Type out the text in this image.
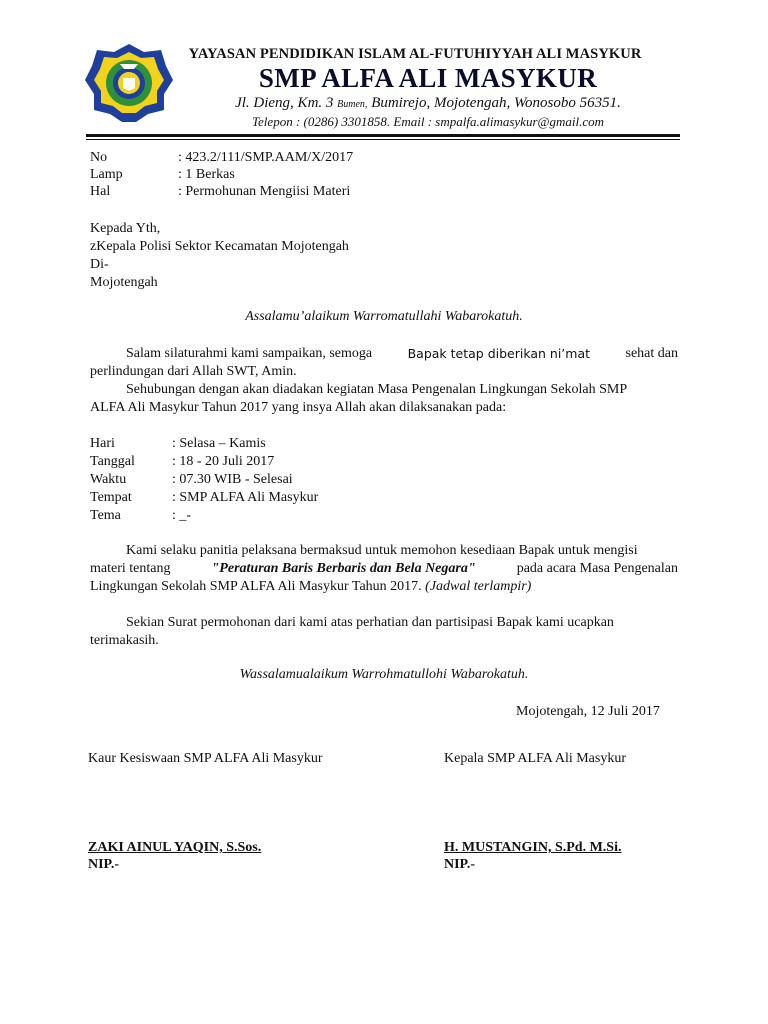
YAYASAN PENDIDIKAN ISLAM AL-FUTUHIYYAH ALI MASYKUR
SMP ALFA ALI MASYKUR
Jl. Dieng, Km. 3 Bumen, Bumirejo, Mojotengah, Wonosobo 56351.
Telepon : (0286) 3301858. Email : smpalfa.alimasykur@gmail.com
No	: 423.2/111/SMP.AAM/X/2017
Lamp	: 1 Berkas
Hal	: Permohunan Mengiisi Materi
Kepada Yth,
zKepala Polisi Sektor Kecamatan Mojotengah
Di-
Mojotengah
Assalamu’alaikum Warromatullahi Wabarokatuh.
Salam silaturahmi kami sampaikan, semoga	Bapak tetap diberikan ni’mat	sehat dan
perlindungan dari Allah SWT, Amin.
Sehubungan dengan akan diadakan kegiatan Masa Pengenalan Lingkungan Sekolah SMP
ALFA Ali Masykur Tahun 2017 yang insya Allah akan dilaksanakan pada:
Hari	: Selasa – Kamis
Tanggal	: 18 - 20 Juli 2017
Waktu	: 07.30 WIB - Selesai
Tempat	: SMP ALFA Ali Masykur
Tema	: _-
Kami selaku panitia pelaksana bermaksud untuk memohon kesediaan Bapak untuk mengisi
materi tentang	"Peraturan Baris Berbaris dan Bela Negara"	pada acara Masa Pengenalan
Lingkungan Sekolah SMP ALFA Ali Masykur Tahun 2017. (Jadwal terlampir)
Sekian Surat permohonan dari kami atas perhatian dan partisipasi Bapak kami ucapkan
terimakasih.
Wassalamualaikum Warrohmatullohi Wabarokatuh.
Mojotengah, 12 Juli 2017
Kaur Kesiswaan SMP ALFA Ali Masykur	Kepala SMP ALFA Ali Masykur
ZAKI AINUL YAQIN, S.Sos.
NIP.-
H. MUSTANGIN, S.Pd. M.Si.
NIP.-
